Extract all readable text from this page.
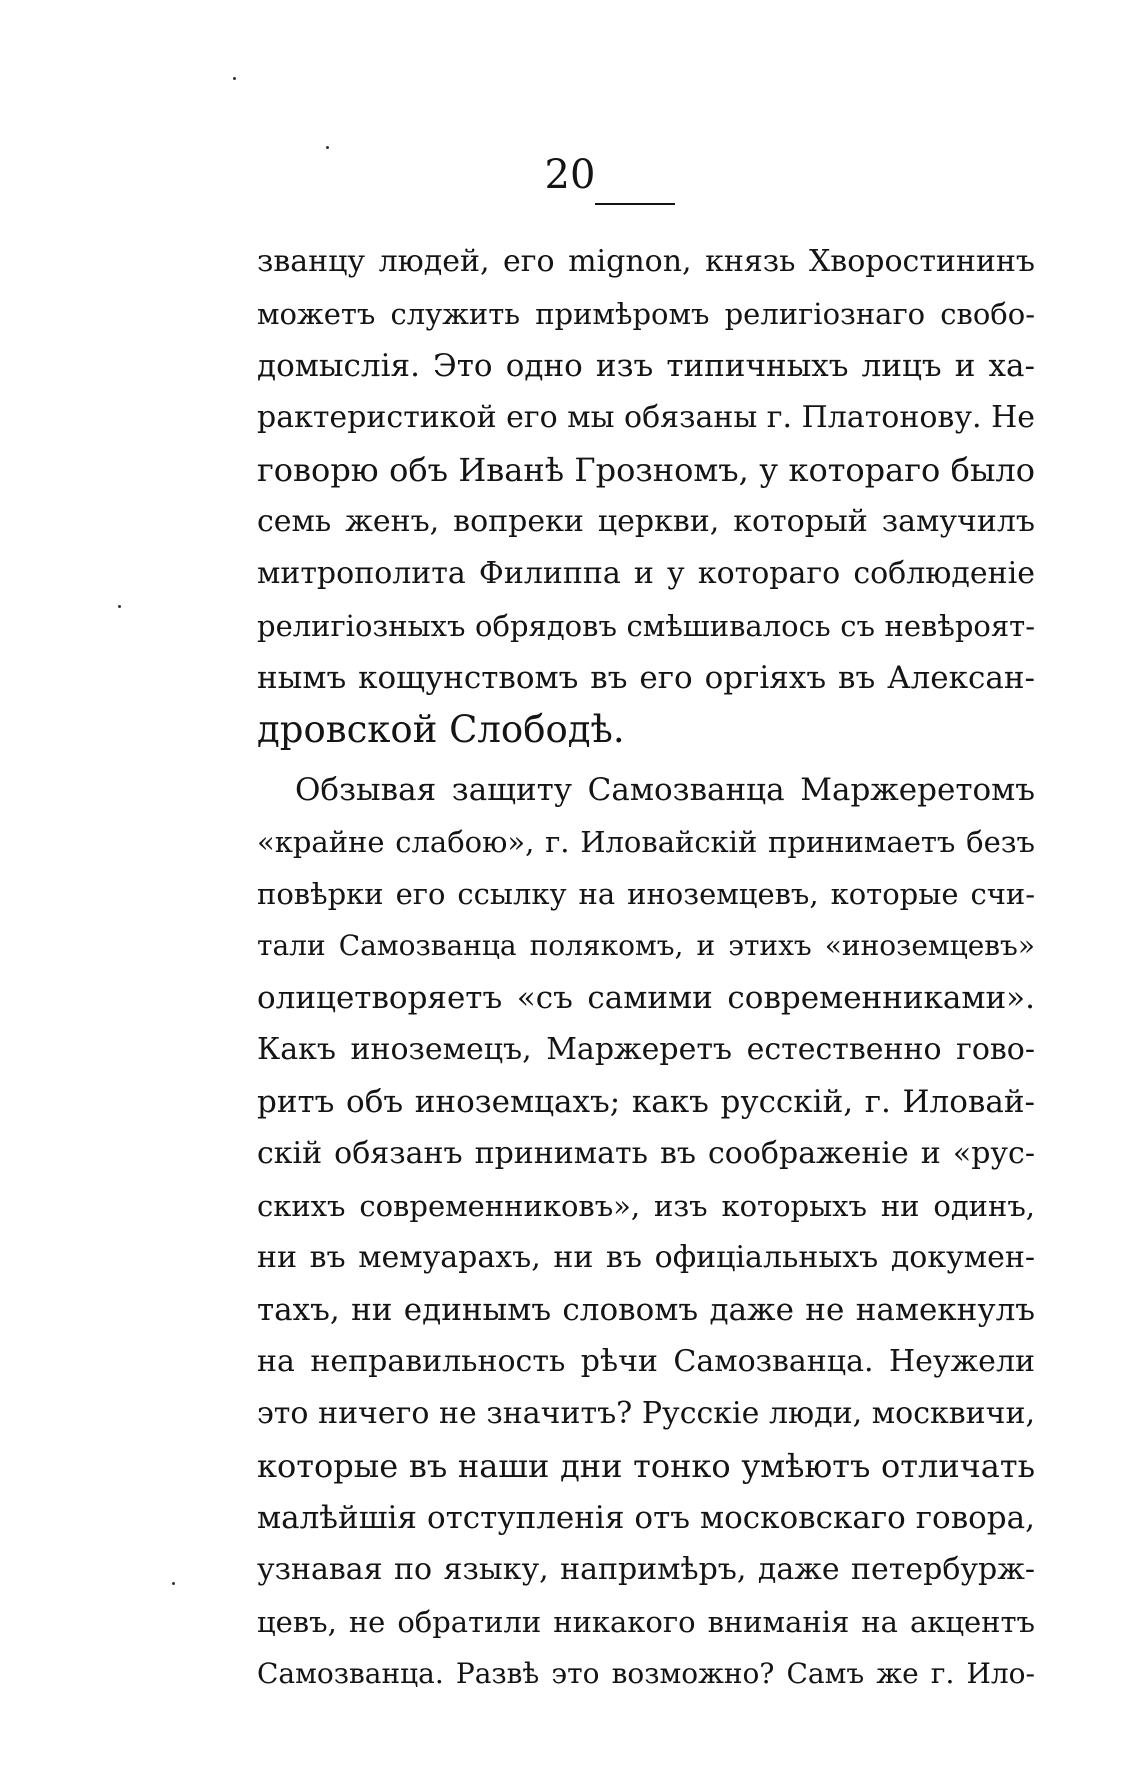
20
званцу людей, его mignon, князь Хворостининъ
можетъ служить примѣромъ религіознаго свобо-
домыслія. Это одно изъ типичныхъ лицъ и ха-
рактеристикой его мы обязаны г. Платонову. Не
говорю объ Иванѣ Грозномъ, у котораго было
семь женъ, вопреки церкви, который замучилъ
митрополита Филиппа и у котораго соблюденіе
религіозныхъ обрядовъ смѣшивалось съ невѣроят-
нымъ кощунствомъ въ его оргіяхъ въ Алексан-
дровской Слободѣ.
Обзывая защиту Самозванца Маржеретомъ
«крайне слабою», г. Иловайскій принимаетъ безъ
повѣрки его ссылку на иноземцевъ, которые счи-
тали Самозванца полякомъ, и этихъ «иноземцевъ»
олицетворяетъ «съ самими современниками».
Какъ иноземецъ, Маржеретъ естественно гово-
ритъ объ иноземцахъ; какъ русскій, г. Иловай-
скій обязанъ принимать въ соображеніе и «рус-
скихъ современниковъ», изъ которыхъ ни одинъ,
ни въ мемуарахъ, ни въ офиціальныхъ докумен-
тахъ, ни единымъ словомъ даже не намекнулъ
на неправильность рѣчи Самозванца. Неужели
это ничего не значитъ? Русскіе люди, москвичи,
которые въ наши дни тонко умѣютъ отличать
малѣйшія отступленія отъ московскаго говора,
узнавая по языку, напримѣръ, даже петербурж-
цевъ, не обратили никакого вниманія на акцентъ
Самозванца. Развѣ это возможно? Самъ же г. Ило-
